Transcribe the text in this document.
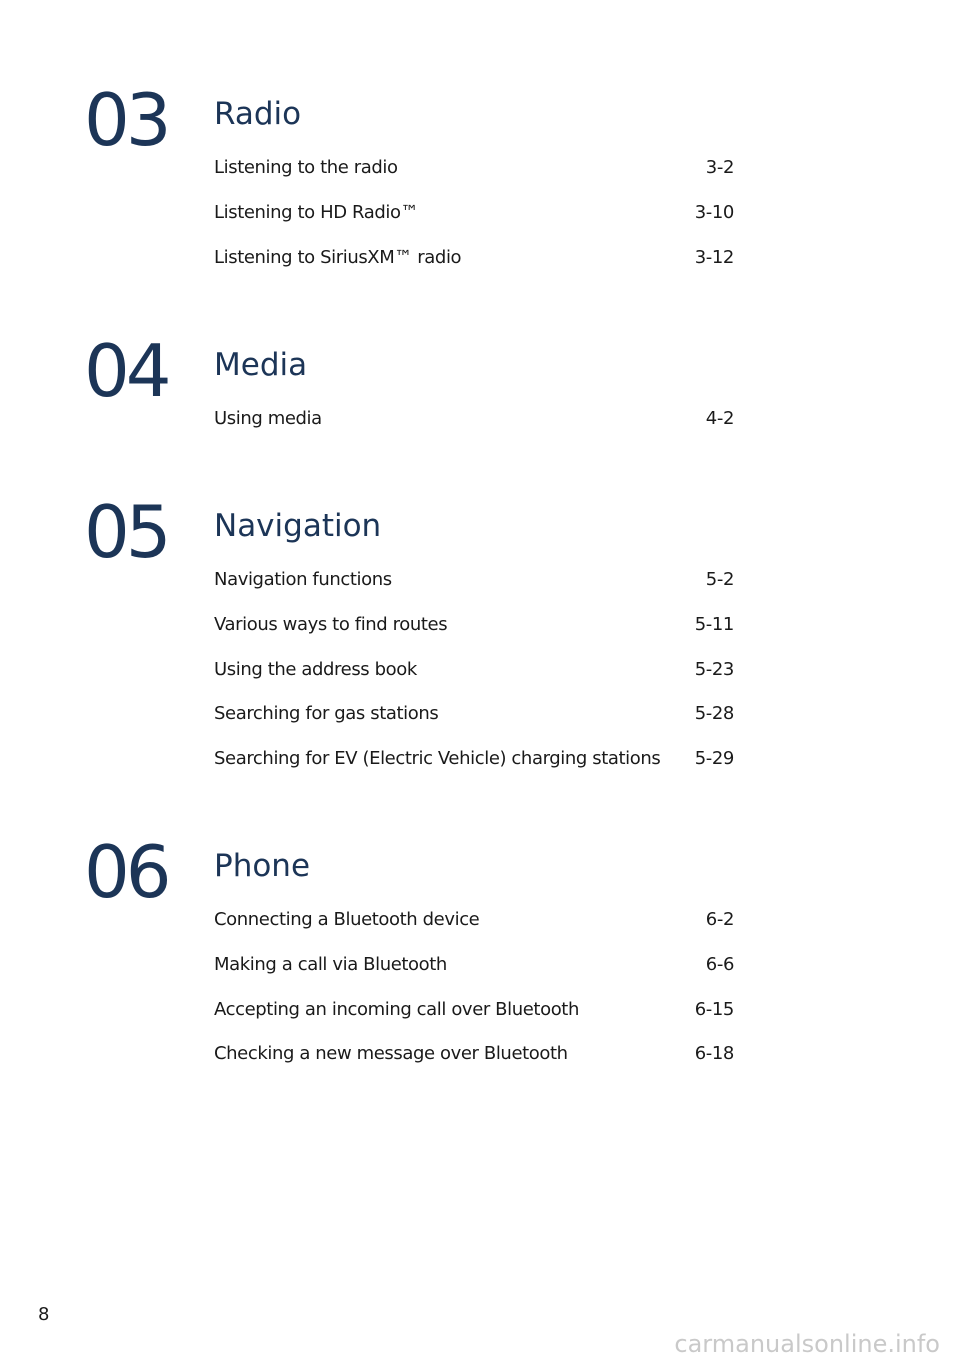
03 Radio
Listening to the radio	3-2
Listening to HD Radio™	3-10
Listening to SiriusXM™ radio	3-12
04 Media
Using media	4-2
05 Navigation
Navigation functions	5-2
Various ways to find routes	5-11
Using the address book	5-23
Searching for gas stations	5-28
Searching for EV (Electric Vehicle) charging stations 5-29
06 Phone
Connecting a Bluetooth device	6-2
Making a call via Bluetooth	6-6
Accepting an incoming call over Bluetooth	6-15
Checking a new message over Bluetooth	6-18
8
carmanualsonline.info
